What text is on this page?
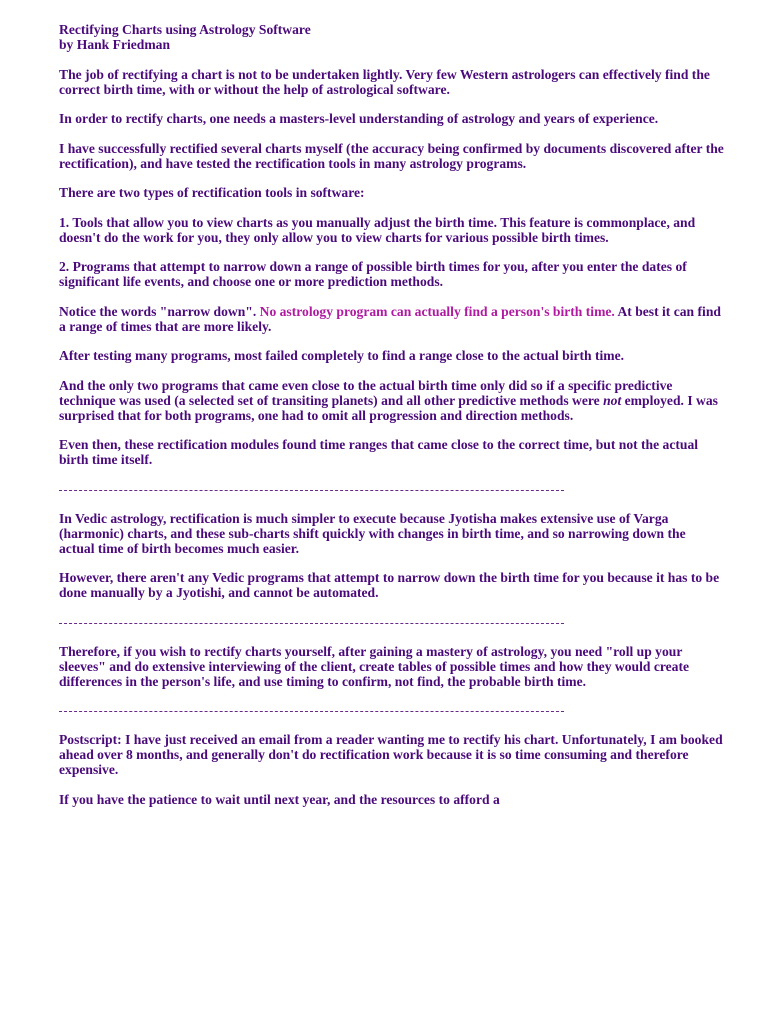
Rectifying Charts using Astrology Software
by Hank Friedman

The job of rectifying a chart is not to be undertaken lightly. Very few Western astrologers can effectively find the correct birth time, with or without the help of astrological software.

In order to rectify charts, one needs a masters-level understanding of astrology and years of experience.

I have successfully rectified several charts myself (the accuracy being confirmed by documents discovered after the rectification), and have tested the rectification tools in many astrology programs.

There are two types of rectification tools in software:

1. Tools that allow you to view charts as you manually adjust the birth time. This feature is commonplace, and doesn't do the work for you, they only allow you to view charts for various possible birth times.

2. Programs that attempt to narrow down a range of possible birth times for you, after you enter the dates of significant life events, and choose one or more prediction methods.

Notice the words "narrow down". No astrology program can actually find a person's birth time. At best it can find a range of times that are more likely.

After testing many programs, most failed completely to find a range close to the actual birth time.

And the only two programs that came even close to the actual birth time only did so if a specific predictive technique was used (a selected set of transiting planets) and all other predictive methods were not employed. I was surprised that for both programs, one had to omit all progression and direction methods.

Even then, these rectification modules found time ranges that came close to the correct time, but not the actual birth time itself.

In Vedic astrology, rectification is much simpler to execute because Jyotisha makes extensive use of Varga (harmonic) charts, and these sub-charts shift quickly with changes in birth time, and so narrowing down the actual time of birth becomes much easier.

However, there aren't any Vedic programs that attempt to narrow down the birth time for you because it has to be done manually by a Jyotishi, and cannot be automated.

Therefore, if you wish to rectify charts yourself, after gaining a mastery of astrology, you need "roll up your sleeves" and do extensive interviewing of the client, create tables of possible times and how they would create differences in the person's life, and use timing to confirm, not find, the probable birth time.

Postscript: I have just received an email from a reader wanting me to rectify his chart. Unfortunately, I am booked ahead over 8 months, and generally don't do rectification work because it is so time consuming and therefore expensive.

If you have the patience to wait until next year, and the resources to afford a
